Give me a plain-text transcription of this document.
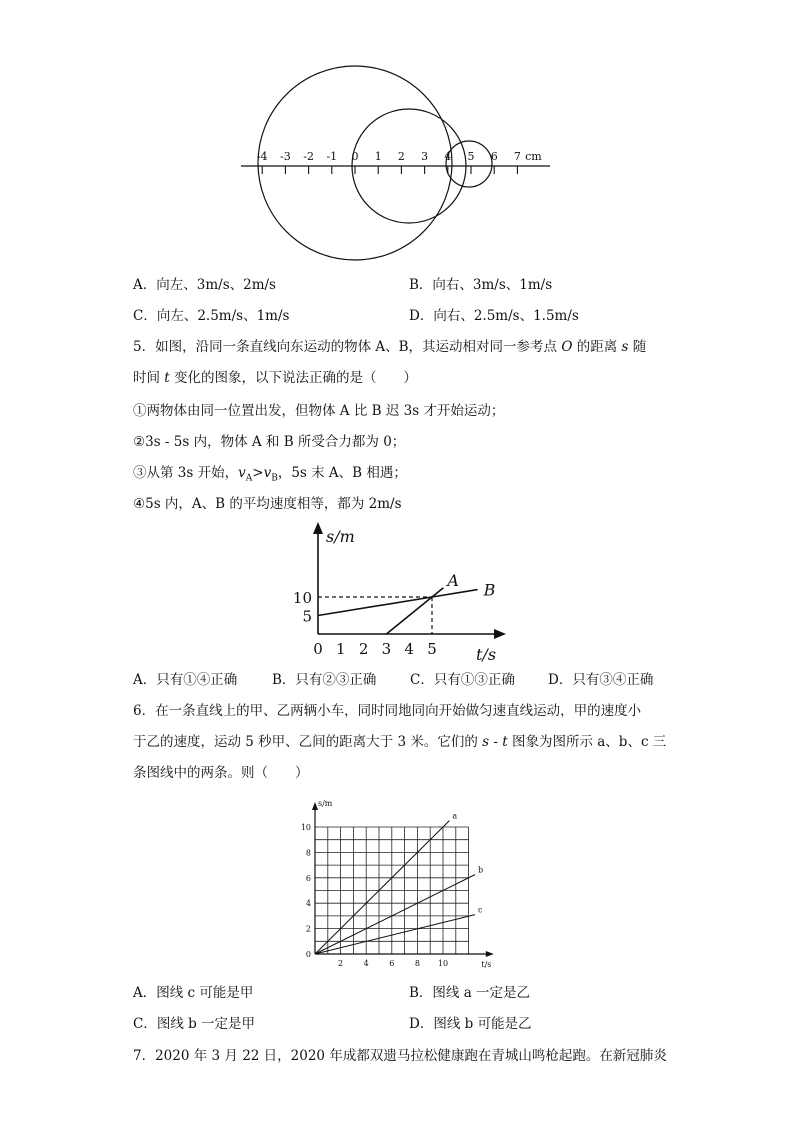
-4 -3 -2 -1 0 1 2 3 4 5 6 7 cm
A．向左、3m/s、2m/s	B．向右、3m/s、1m/s
C．向左、2.5m/s、1m/s	D．向右、2.5m/s、1.5m/s
5．如图，沿同一条直线向东运动的物体 A、B，其运动相对同一参考点 O 的距离 s 随
时间 t 变化的图象，以下说法正确的是（　　）
①两物体由同一位置出发，但物体 A 比 B 迟 3s 才开始运动；
②3s - 5s 内，物体 A 和 B 所受合力都为 0；
③从第 3s 开始，$v_A>v_B$，5s 末 A、B 相遇；
④5s 内，A、B 的平均速度相等，都为 2m/s
s/m
t/s
0 1 2 3 4 5
5
10
A
B
A．只有①④正确	B．只有②③正确 C．只有①③正确 D．只有③④正确
6．在一条直线上的甲、乙两辆小车，同时同地同向开始做匀速直线运动，甲的速度小
于乙的速度，运动 5 秒甲、乙间的距离大于 3 米。它们的 s - t 图象为图所示 a、b、c 三
条图线中的两条。则（　　）
s/m
t/s
2	4	6	8 10
0
2
4
6
8
10
a
b
c
A．图线 c 可能是甲	B．图线 a 一定是乙
C．图线 b 一定是甲	D．图线 b 可能是乙
7．2020 年 3 月 22 日，2020 年成都双遗马拉松健康跑在青城山鸣枪起跑。在新冠肺炎
